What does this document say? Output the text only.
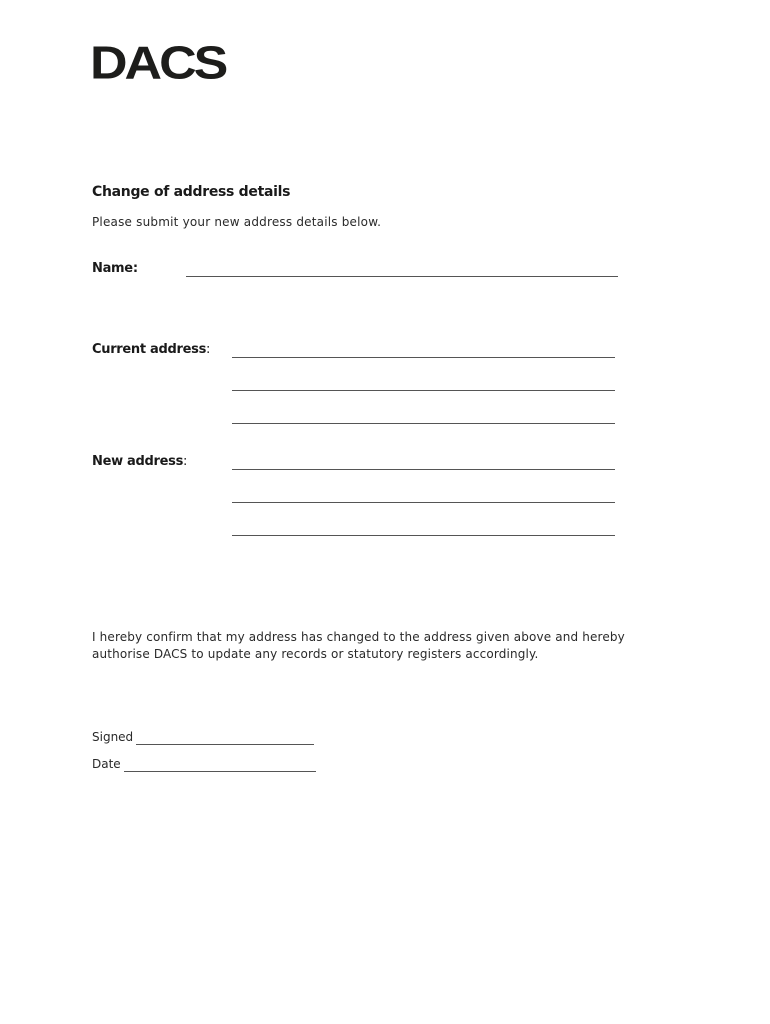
DACS
Change of address details
Please submit your new address details below.
Name:
Current address:
New address:
I hereby confirm that my address has changed to the address given above and hereby authorise DACS to update any records or statutory registers accordingly.
Signed
Date
